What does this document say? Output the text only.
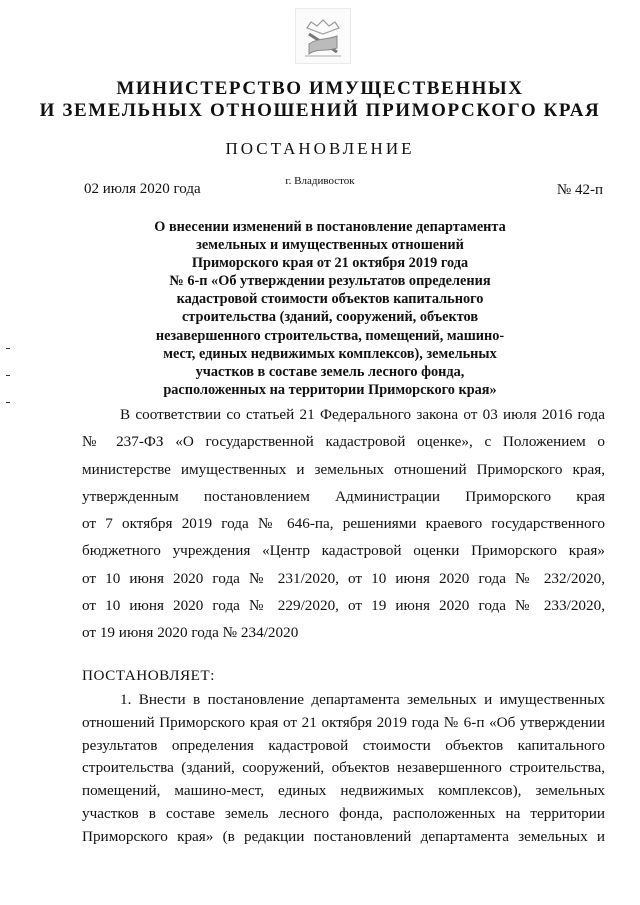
МИНИСТЕРСТВО ИМУЩЕСТВЕННЫХ
И ЗЕМЕЛЬНЫХ ОТНОШЕНИЙ ПРИМОРСКОГО КРАЯ
ПОСТАНОВЛЕНИЕ
г. Владивосток
02 июля 2020 года	№ 42-п
О внесении изменений в постановление департамента
земельных и имущественных отношений
Приморского края от 21 октября 2019 года
№ 6-п «Об утверждении результатов определения
кадастровой стоимости объектов капитального
строительства (зданий, сооружений, объектов
незавершенного строительства, помещений, машино-
мест, единых недвижимых комплексов), земельных
участков в составе земель лесного фонда,
расположенных на территории Приморского края»
В соответствии со статьей 21 Федерального закона от 03 июля 2016 года
№ 237-ФЗ «О государственной кадастровой оценке», с Положением о
министерстве имущественных и земельных отношений Приморского края,
утвержденным постановлением Администрации Приморского края
от 7 октября 2019 года № 646-па, решениями краевого государственного
бюджетного учреждения «Центр кадастровой оценки Приморского края»
от 10 июня 2020 года № 231/2020, от 10 июня 2020 года № 232/2020,
от 10 июня 2020 года № 229/2020, от 19 июня 2020 года № 233/2020,
от 19 июня 2020 года № 234/2020
ПОСТАНОВЛЯЕТ:
1. Внести в постановление департамента земельных и имущественных
отношений Приморского края от 21 октября 2019 года № 6-п «Об утверждении
результатов определения кадастровой стоимости объектов капитального
строительства (зданий, сооружений, объектов незавершенного строительства,
помещений, машино-мест, единых недвижимых комплексов), земельных
участков в составе земель лесного фонда, расположенных на территории
Приморского края» (в редакции постановлений департамента земельных и
